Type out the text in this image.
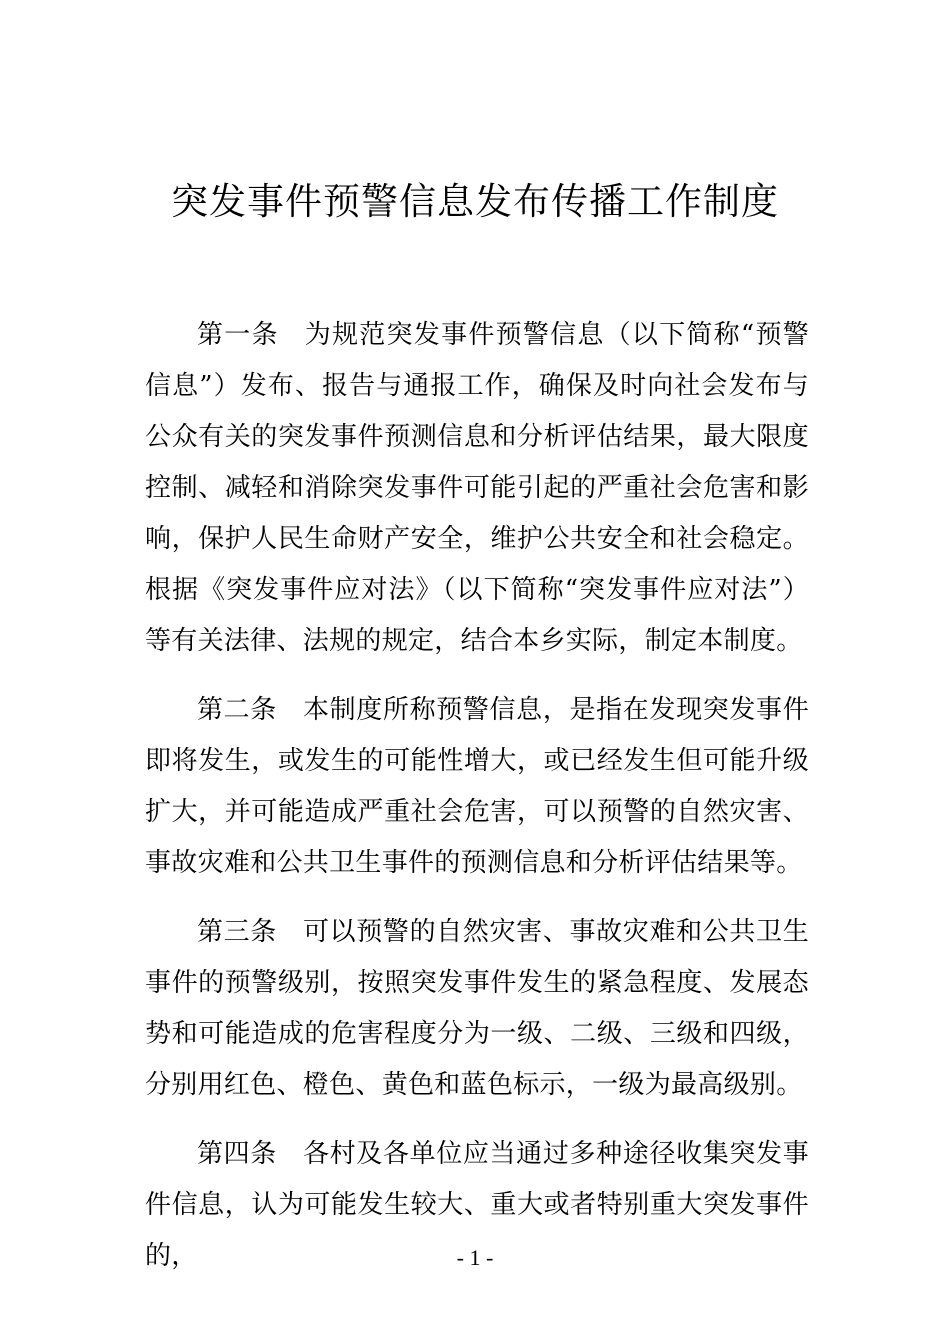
突发事件预警信息发布传播工作制度

第一条 为规范突发事件预警信息（以下简称“预警信息”）发布、报告与通报工作，确保及时向社会发布与公众有关的突发事件预测信息和分析评估结果，最大限度控制、减轻和消除突发事件可能引起的严重社会危害和影响，保护人民生命财产安全，维护公共安全和社会稳定。根据《突发事件应对法》（以下简称“突发事件应对法”）等有关法律、法规的规定，结合本乡实际，制定本制度。

第二条 本制度所称预警信息，是指在发现突发事件即将发生，或发生的可能性增大，或已经发生但可能升级扩大，并可能造成严重社会危害，可以预警的自然灾害、事故灾难和公共卫生事件的预测信息和分析评估结果等。

第三条 可以预警的自然灾害、事故灾难和公共卫生事件的预警级别，按照突发事件发生的紧急程度、发展态势和可能造成的危害程度分为一级、二级、三级和四级，分别用红色、橙色、黄色和蓝色标示，一级为最高级别。

第四条 各村及各单位应当通过多种途径收集突发事件信息，认为可能发生较大、重大或者特别重大突发事件的，	- 1 -
